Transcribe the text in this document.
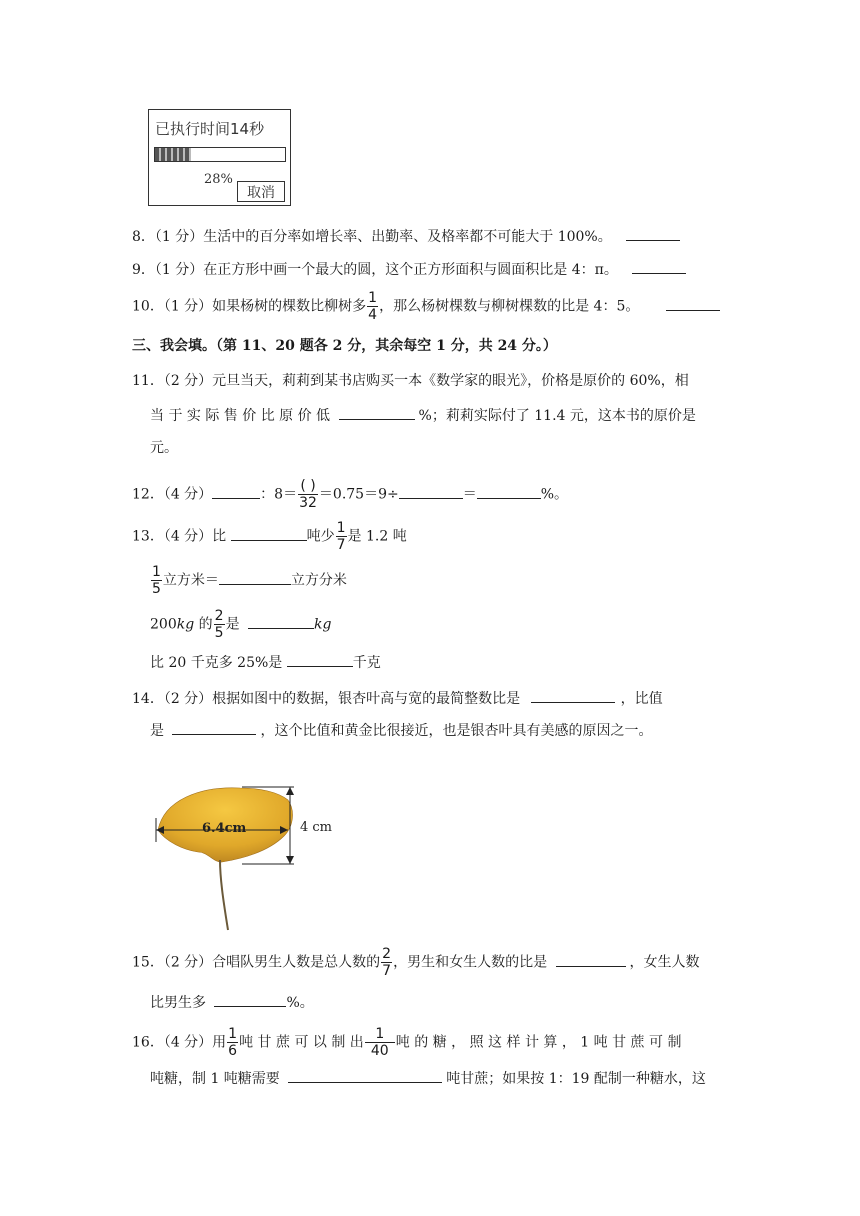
已执行时间14秒
28%
取消
8．（1 分）生活中的百分率如增长率、出勤率、及格率都不可能大于 100%。
9．（1 分）在正方形中画一个最大的圆，这个正方形面积与圆面积比是 4：π。
10．（1 分）如果杨树的棵数比柳树多 $\frac{1}{4}$ ，那么杨树棵数与柳树棵数的比是 4：5。
三、我会填。（第 11、20 题各 2 分，其余每空 1 分，共 24 分。）
11．（2 分）元旦当天，莉莉到某书店购买一本《数学家的眼光》，价格是原价的 60%，相
当 于 实 际 售 价 比 原 价 低	%；莉莉实际付了 11.4 元，这本书的原价是
元。
12．（4 分）	：$8= \frac{( )}{32} =0.75=9\div$	＝	%。
13．（4 分）比	吨少 $\frac{1}{7}$ 是 1.2 吨
$\frac{1}{5}$ 立方米＝	立方分米
200kg 的 $\frac{2}{5}$ 是	kg
比 20 千克多 25%是	千克
14．（2 分）根据如图中的数据，银杏叶高与宽的最简整数比是	，比值
是	，这个比值和黄金比很接近，也是银杏叶具有美感的原因之一。
6.4cm	4 cm
15．（2 分）合唱队男生人数是总人数的 $\frac{2}{7}$ ，男生和女生人数的比是	，女生人数
比男生多	%。
16．（4 分）用 $\frac{1}{6}$ 吨 甘 蔗 可 以 制 出 $\frac{1}{40}$ 吨 的 糖 ， 照 这 样 计 算 ， 1 吨 甘 蔗 可 制
吨糖，制 1 吨糖需要	吨甘蔗；如果按 1：19 配制一种糖水，这
